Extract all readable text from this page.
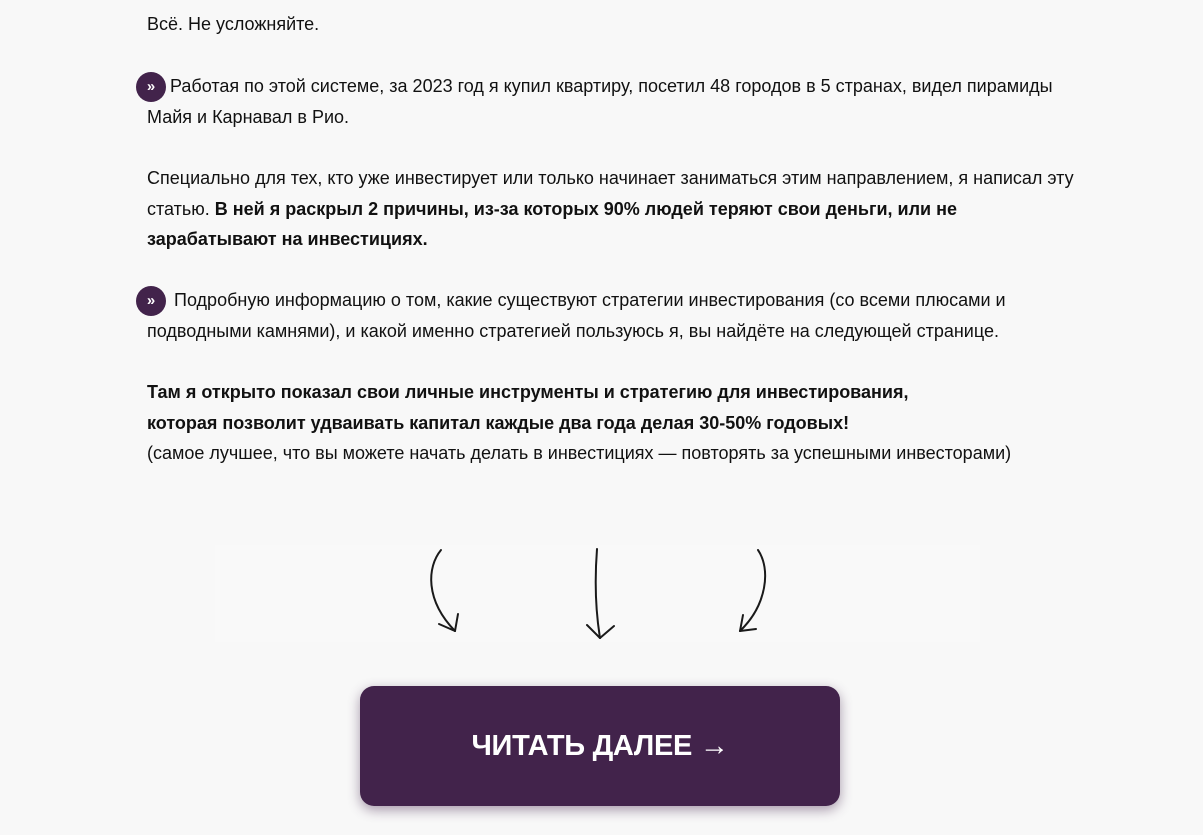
Всё. Не усложняйте.

» Работая по этой системе, за 2023 год я купил квартиру, посетил 48 городов в 5 странах, видел пирамиды Майя и Карнавал в Рио.

Специально для тех, кто уже инвестирует или только начинает заниматься этим направлением, я написал эту статью. В ней я раскрыл 2 причины, из-за которых 90% людей теряют свои деньги, или не зарабатывают на инвестициях.

»	Подробную информацию о том, какие существуют стратегии инвестирования (со всеми плюсами и подводными камнями), и какой именно стратегией пользуюсь я, вы найдёте на следующей странице.

Там я открыто показал свои личные инструменты и стратегию для инвестирования,
которая позволит удваивать капитал каждые два года делая 30-50% годовых!
(самое лучшее, что вы можете начать делать в инвестициях — повторять за успешными инвесторами)

ЧИТАТЬ ДАЛЕЕ →
